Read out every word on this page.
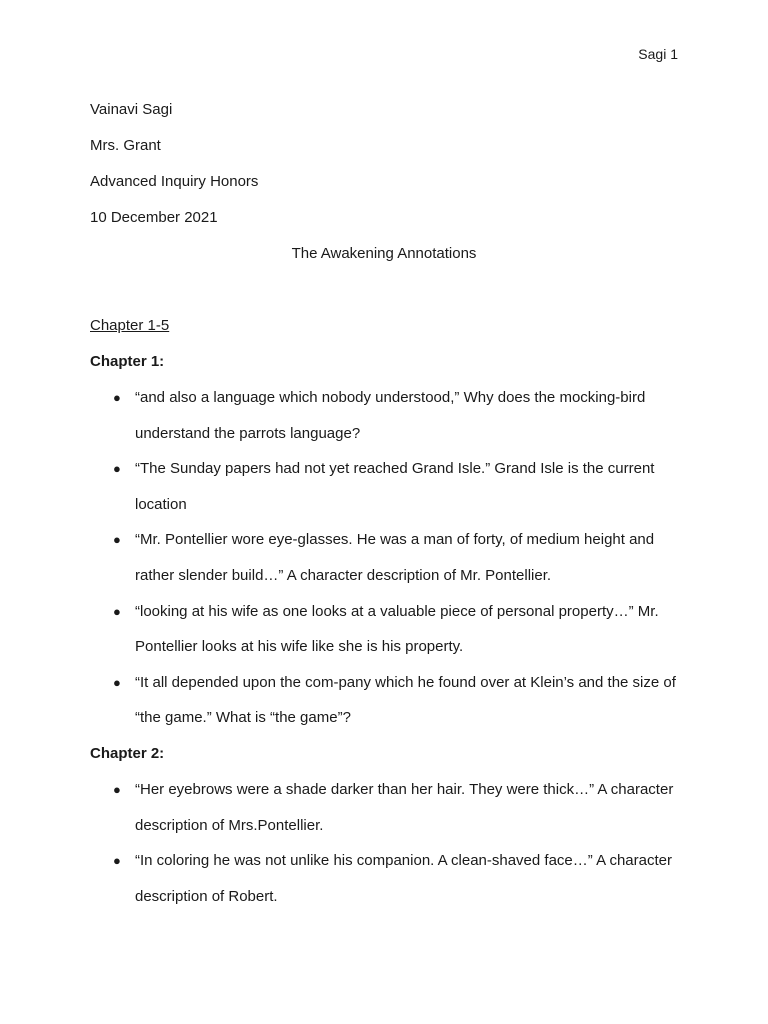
Sagi 1

Vainavi Sagi

Mrs. Grant

Advanced Inquiry Honors

10 December 2021

The Awakening Annotations

Chapter 1-5

Chapter 1:

● “and also a language which nobody understood,” Why does the mocking-bird understand the parrots language?
● “The Sunday papers had not yet reached Grand Isle.” Grand Isle is the current location
● “Mr. Pontellier wore eye-glasses. He was a man of forty, of medium height and rather slender build…” A character description of Mr. Pontellier.
● “looking at his wife as one looks at a valuable piece of personal property…” Mr. Pontellier looks at his wife like she is his property.
● “It all depended upon the com-pany which he found over at Klein’s and the size of “the game.” What is “the game”?

Chapter 2:

● “Her eyebrows were a shade darker than her hair. They were thick…” A character description of Mrs.Pontellier.
● “In coloring he was not unlike his companion. A clean-shaved face…” A character description of Robert.
